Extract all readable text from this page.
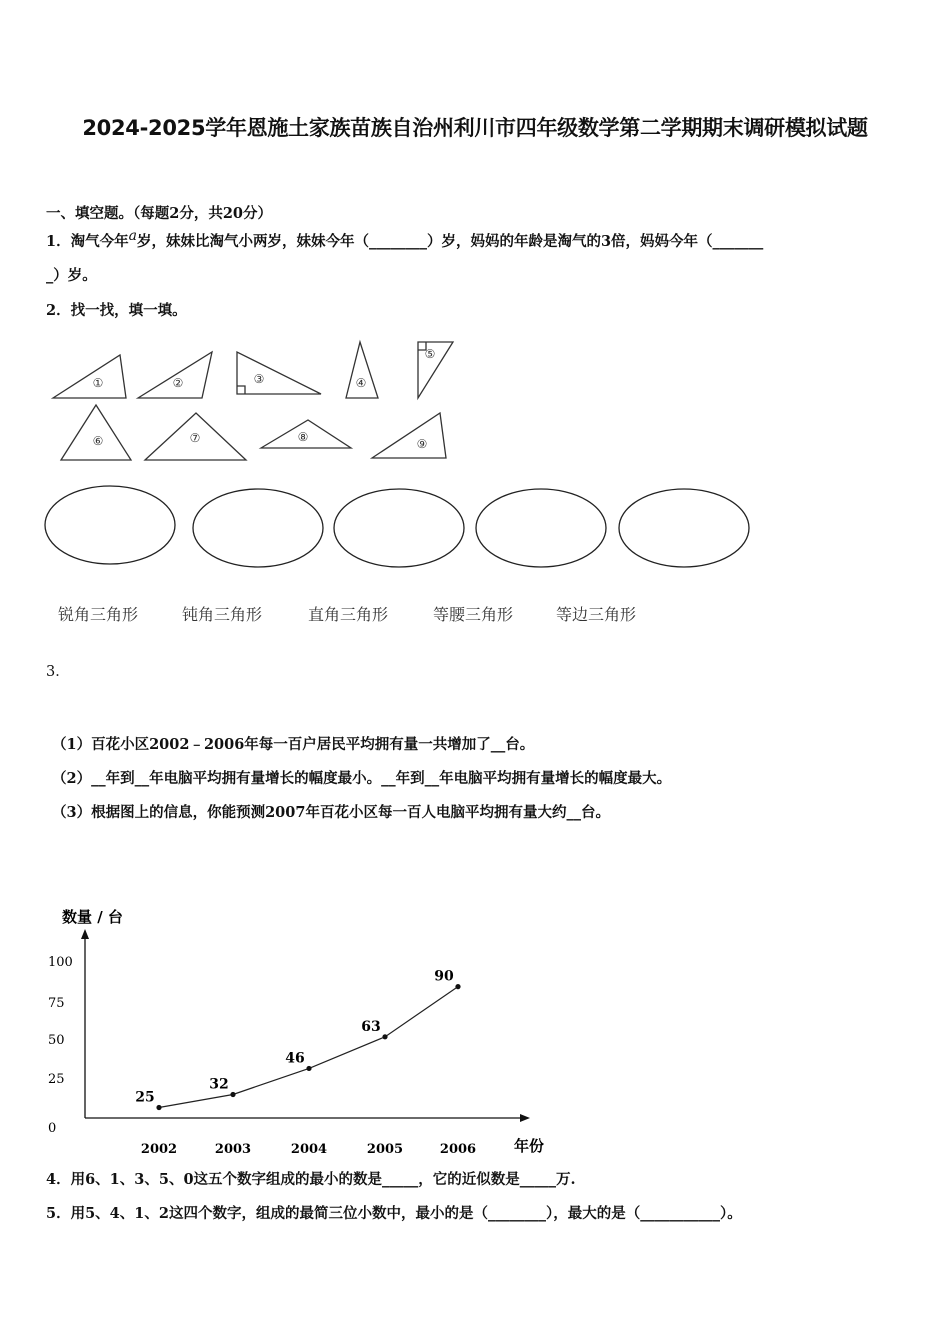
2024-2025学年恩施土家族苗族自治州利川市四年级数学第二学期期末调研模拟试题
一、填空题。（每题2分，共20分）
1．淘气今年$^a$岁，妹妹比淘气小两岁，妹妹今年（________）岁，妈妈的年龄是淘气的3倍，妈妈今年（_______
_）岁。
2．找一找，填一填。
①	②	③	④
⑤
⑥	⑦	⑧	⑨
锐角三角形	钝角三角形	直角三角形	等腰三角形	等边三角形
3．
（1）百花小区2002﹣2006年每一百户居民平均拥有量一共增加了__台。
（2）__年到__年电脑平均拥有量增长的幅度最小。__年到__年电脑平均拥有量增长的幅度最大。
（3）根据图上的信息，你能预测2007年百花小区每一百人电脑平均拥有量大约__台。
数量 / 台
年份
0
25
50
75
100
2002	2003	2004	2005	2006
25
32
46
63
90
4．用6、1、3、5、0这五个数字组成的最小的数是_____，它的近似数是_____万.
5．用5、4、1、2这四个数字，组成的最简三位小数中，最小的是（________），最大的是（___________）。
